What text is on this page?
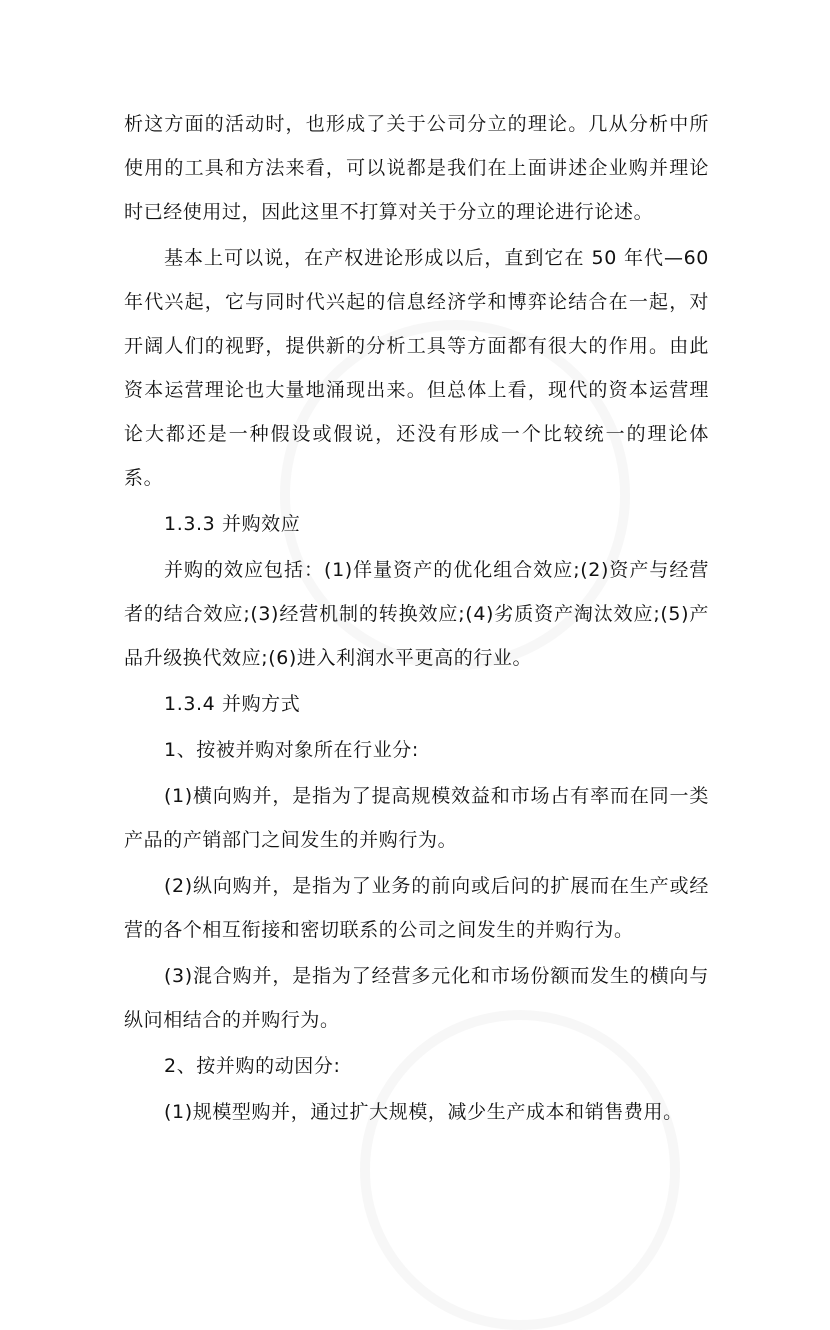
析这方面的活动时，也形成了关于公司分立的理论。几从分析中所使用的工具和方法来看，可以说都是我们在上面讲述企业购并理论时已经使用过，因此这里不打算对关于分立的理论进行论述。

基本上可以说，在产权进论形成以后，直到它在 50 年代—60 年代兴起，它与同时代兴起的信息经济学和博弈论结合在一起，对开阔人们的视野，提供新的分析工具等方面都有很大的作用。由此资本运营理论也大量地涌现出来。但总体上看，现代的资本运营理论大都还是一种假设或假说，还没有形成一个比较统一的理论体系。

1.3.3 并购效应

并购的效应包括：(1)佯量资产的优化组合效应;(2)资产与经营者的结合效应;(3)经营机制的转换效应;(4)劣质资产淘汰效应;(5)产品升级换代效应;(6)进入利润水平更高的行业。

1.3.4 并购方式

1、按被并购对象所在行业分:

(1)横向购并，是指为了提高规模效益和市场占有率而在同一类产品的产销部门之间发生的并购行为。

(2)纵向购并，是指为了业务的前向或后问的扩展而在生产或经营的各个相互衔接和密切联系的公司之间发生的并购行为。

(3)混合购并，是指为了经营多元化和市场份额而发生的横向与纵问相结合的并购行为。

2、按并购的动因分:

(1)规模型购并，通过扩大规模，减少生产成本和销售费用。
